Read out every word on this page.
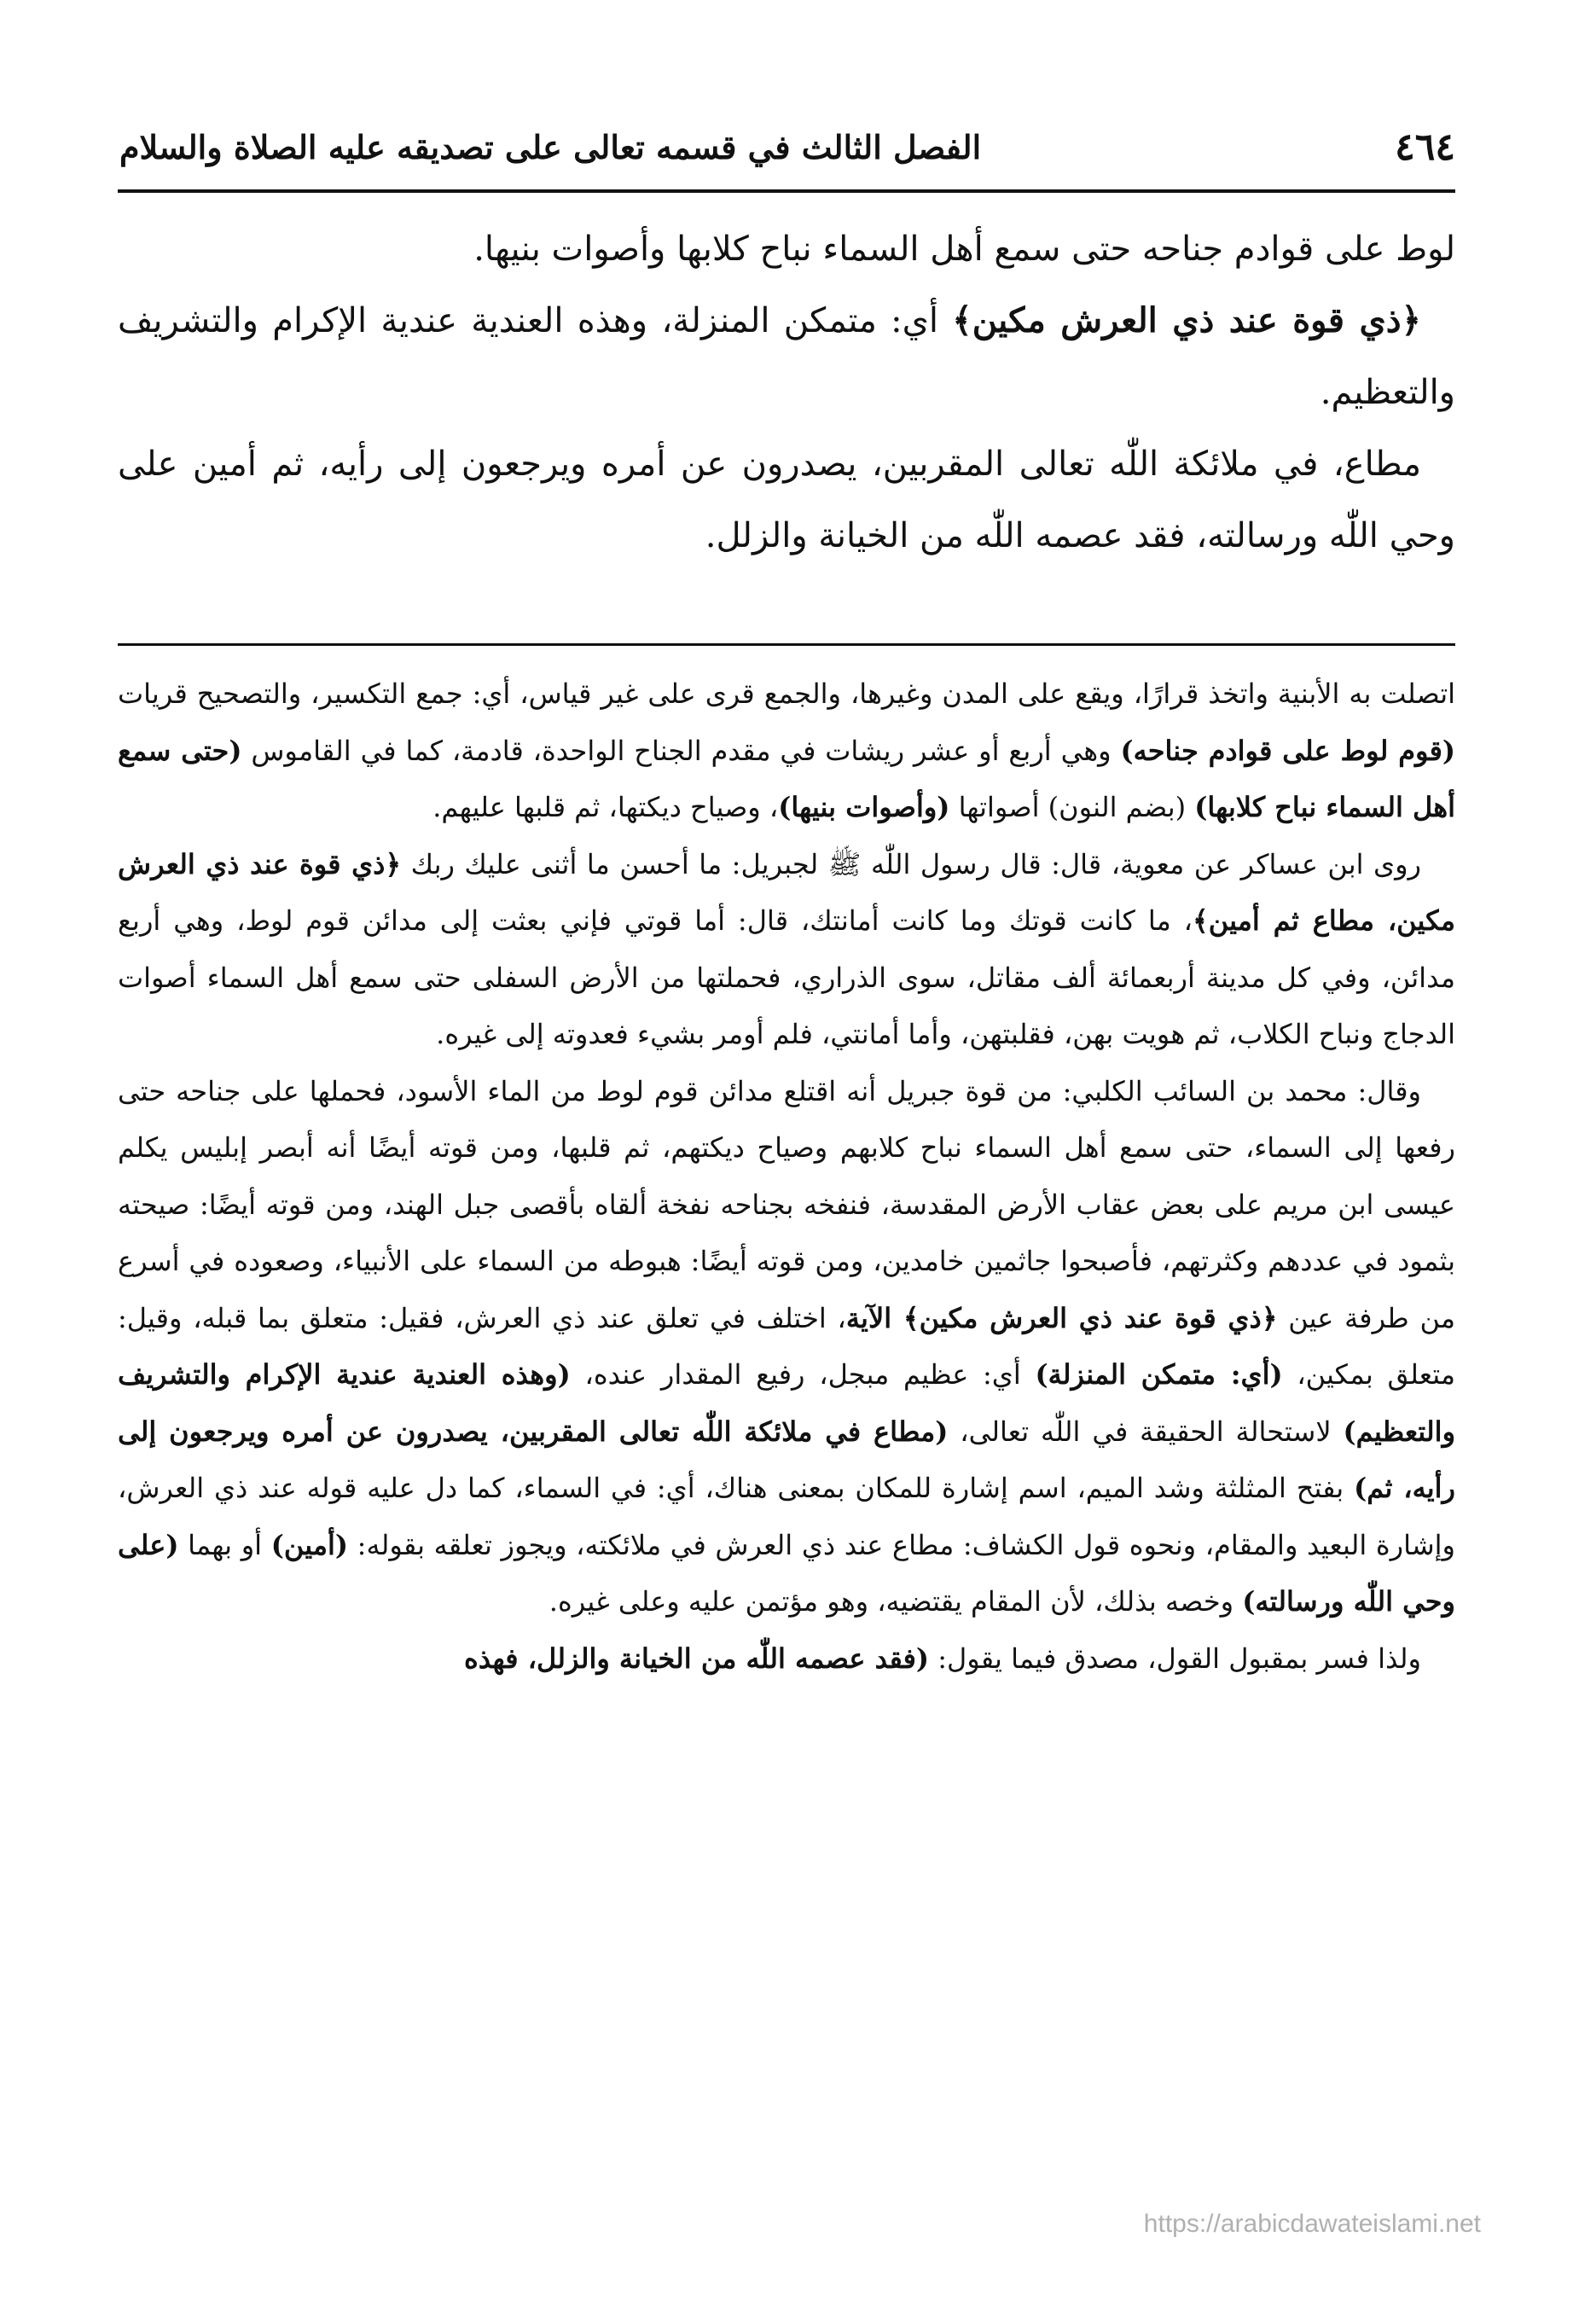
٤٦٤
الفصل الثالث في قسمه تعالى على تصديقه عليه الصلاة والسلام

لوط على قوادم جناحه حتى سمع أهل السماء نباح كلابها وأصوات بنيها.

﴿ذي قوة عند ذي العرش مكين﴾ أي: متمكن المنزلة، وهذه العندية عندية الإكرام والتشريف والتعظيم.

مطاع، في ملائكة اللّٰه تعالى المقربين، يصدرون عن أمره ويرجعون إلى رأيه، ثم أمين على وحي اللّٰه ورسالته، فقد عصمه اللّٰه من الخيانة والزلل.

اتصلت به الأبنية واتخذ قرارًا، ويقع على المدن وغيرها، والجمع قرى على غير قياس، أي: جمع التكسير، والتصحيح قريات (قوم لوط على قوادم جناحه) وهي أربع أو عشر ريشات في مقدم الجناح الواحدة، قادمة، كما في القاموس (حتى سمع أهل السماء نباح كلابها) (بضم النون) أصواتها (وأصوات بنيها)، وصياح ديكتها، ثم قلبها عليهم.

روى ابن عساكر عن معوية، قال: قال رسول اللّٰه ﷺ لجبريل: ما أحسن ما أثنى عليك ربك ﴿ذي قوة عند ذي العرش مكين، مطاع ثم أمين﴾، ما كانت قوتك وما كانت أمانتك، قال: أما قوتي فإني بعثت إلى مدائن قوم لوط، وهي أربع مدائن، وفي كل مدينة أربعمائة ألف مقاتل، سوى الذراري، فحملتها من الأرض السفلى حتى سمع أهل السماء أصوات الدجاج ونباح الكلاب، ثم هويت بهن، فقلبتهن، وأما أمانتي، فلم أومر بشيء فعدوته إلى غيره.

وقال: محمد بن السائب الكلبي: من قوة جبريل أنه اقتلع مدائن قوم لوط من الماء الأسود، فحملها على جناحه حتى رفعها إلى السماء، حتى سمع أهل السماء نباح كلابهم وصياح ديكتهم، ثم قلبها، ومن قوته أيضًا أنه أبصر إبليس يكلم عيسى ابن مريم على بعض عقاب الأرض المقدسة، فنفخه بجناحه نفخة ألقاه بأقصى جبل الهند، ومن قوته أيضًا: صيحته بثمود في عددهم وكثرتهم، فأصبحوا جاثمين خامدين، ومن قوته أيضًا: هبوطه من السماء على الأنبياء، وصعوده في أسرع من طرفة عين ﴿ذي قوة عند ذي العرش مكين﴾ الآية، اختلف في تعلق عند ذي العرش، فقيل: متعلق بما قبله، وقيل: متعلق بمكين، (أي: متمكن المنزلة) أي: عظيم مبجل، رفيع المقدار عنده، (وهذه العندية عندية الإكرام والتشريف والتعظيم) لاستحالة الحقيقة في اللّٰه تعالى، (مطاع في ملائكة اللّٰه تعالى المقربين، يصدرون عن أمره ويرجعون إلى رأيه، ثم) بفتح المثلثة وشد الميم، اسم إشارة للمكان بمعنى هناك، أي: في السماء، كما دل عليه قوله عند ذي العرش، وإشارة البعيد والمقام، ونحوه قول الكشاف: مطاع عند ذي العرش في ملائكته، ويجوز تعلقه بقوله: (أمين) أو بهما (على وحي اللّٰه ورسالته) وخصه بذلك، لأن المقام يقتضيه، وهو مؤتمن عليه وعلى غيره.

ولذا فسر بمقبول القول، مصدق فيما يقول: (فقد عصمه اللّٰه من الخيانة والزلل، فهذه

https://arabicdawateislami.net
